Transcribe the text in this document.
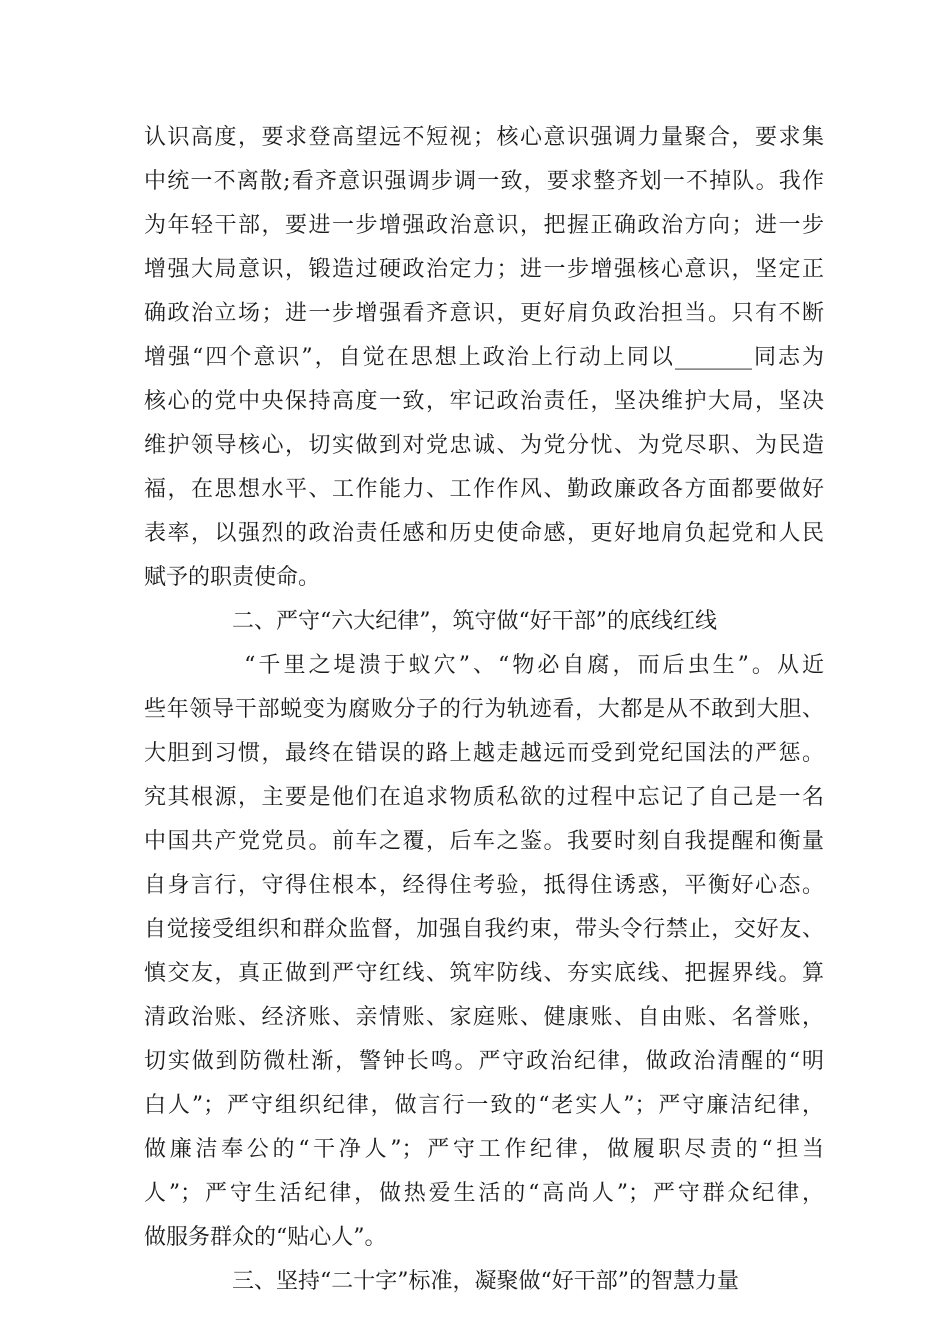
认识高度，要求登高望远不短视；核心意识强调力量聚合，要求集
中统一不离散;看齐意识强调步调一致，要求整齐划一不掉队。我作
为年轻干部，要进一步增强政治意识，把握正确政治方向；进一步
增强大局意识，锻造过硬政治定力；进一步增强核心意识，坚定正
确政治立场；进一步增强看齐意识，更好肩负政治担当。只有不断
增强“四个意识”，自觉在思想上政治上行动上同以_______同志为
核心的党中央保持高度一致，牢记政治责任，坚决维护大局，坚决
维护领导核心，切实做到对党忠诚、为党分忧、为党尽职、为民造
福，在思想水平、工作能力、工作作风、勤政廉政各方面都要做好
表率，以强烈的政治责任感和历史使命感，更好地肩负起党和人民
赋予的职责使命。
　　　　二、严守“六大纪律”，筑守做“好干部”的底线红线
　　　　“千里之堤溃于蚁穴”、“物必自腐，而后虫生”。从近
些年领导干部蜕变为腐败分子的行为轨迹看，大都是从不敢到大胆、
大胆到习惯，最终在错误的路上越走越远而受到党纪国法的严惩。
究其根源，主要是他们在追求物质私欲的过程中忘记了自己是一名
中国共产党党员。前车之覆，后车之鉴。我要时刻自我提醒和衡量
自身言行，守得住根本，经得住考验，抵得住诱惑，平衡好心态。
自觉接受组织和群众监督，加强自我约束，带头令行禁止，交好友、
慎交友，真正做到严守红线、筑牢防线、夯实底线、把握界线。算
清政治账、经济账、亲情账、家庭账、健康账、自由账、名誉账，
切实做到防微杜渐，警钟长鸣。严守政治纪律，做政治清醒的“明
白人”；严守组织纪律，做言行一致的“老实人”；严守廉洁纪律，
做廉洁奉公的“干净人”；严守工作纪律，做履职尽责的“担当
人”；严守生活纪律，做热爱生活的“高尚人”；严守群众纪律，
做服务群众的“贴心人”。
　　　　三、坚持“二十字”标准，凝聚做“好干部”的智慧力量
